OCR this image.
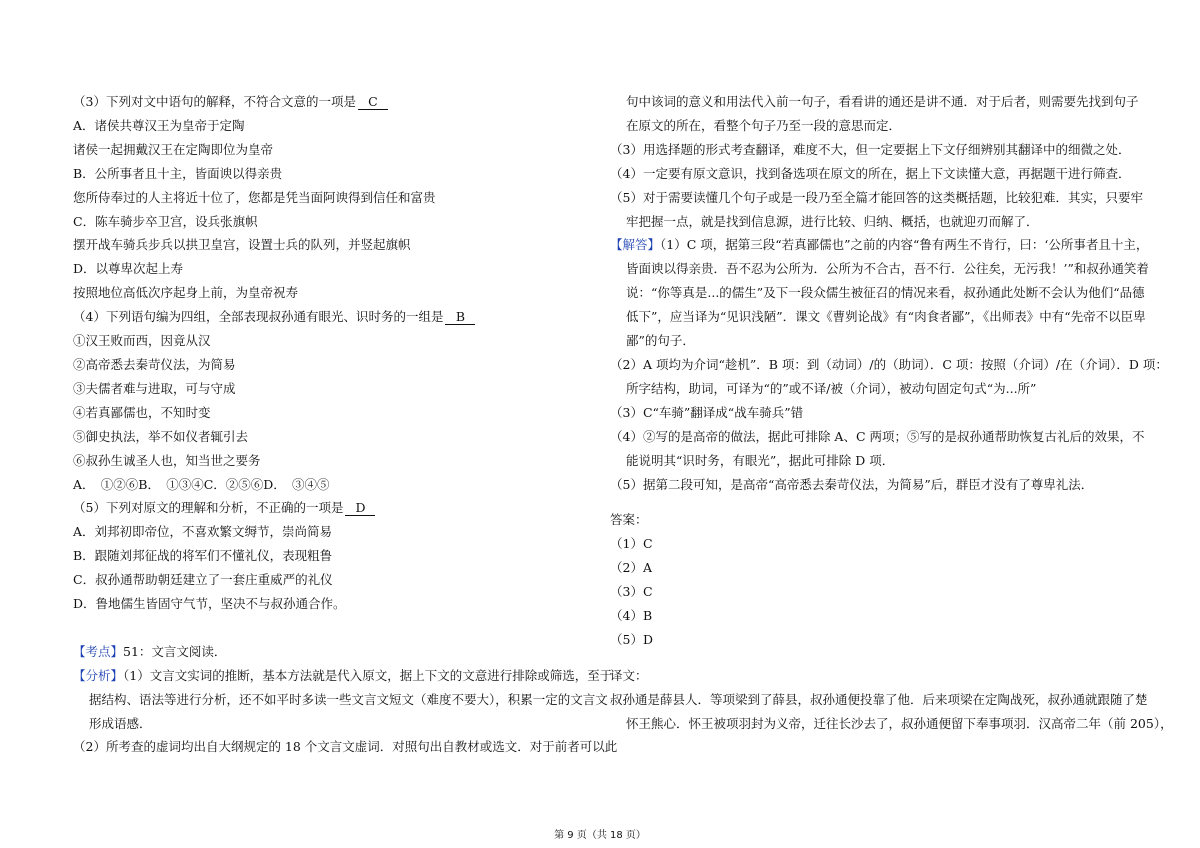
（3）下列对文中语句的解释，不符合文意的一项是 C
A．诸侯共尊汉王为皇帝于定陶
诸侯一起拥戴汉王在定陶即位为皇帝
B．公所事者且十主，皆面谀以得亲贵
您所侍奉过的人主将近十位了，您都是凭当面阿谀得到信任和富贵
C．陈车骑步卒卫宫，设兵张旗帜
摆开战车骑兵步兵以拱卫皇宫，设置士兵的队列，并竖起旗帜
D．以尊卑次起上寿
按照地位高低次序起身上前，为皇帝祝寿
（4）下列语句编为四组，全部表现叔孙通有眼光、识时务的一组是 B
①汉王败而西，因竟从汉
②高帝悉去秦苛仪法，为简易
③夫儒者难与进取，可与守成
④若真鄙儒也，不知时变
⑤御史执法，举不如仪者辄引去
⑥叔孙生诚圣人也，知当世之要务
A．　①②⑥B．　①③④C．②⑤⑥D．　③④⑤
（5）下列对原文的理解和分析，不正确的一项是 D
A．刘邦初即帝位，不喜欢繁文缛节，崇尚简易
B．跟随刘邦征战的将军们不懂礼仪，表现粗鲁
C．叔孙通帮助朝廷建立了一套庄重威严的礼仪
D．鲁地儒生皆固守气节，坚决不与叔孙通合作。
【考点】51：文言文阅读．
【分析】（1）文言文实词的推断，基本方法就是代入原文，据上下文的文意进行排除或筛选，至于
据结构、语法等进行分析，还不如平时多读一些文言文短文（难度不要大），积累一定的文言文
形成语感．
（2）所考查的虚词均出自大纲规定的 18 个文言文虚词．对照句出自教材或选文．对于前者可以此
句中该词的意义和用法代入前一句子，看看讲的通还是讲不通．对于后者，则需要先找到句子
在原文的所在，看整个句子乃至一段的意思而定．
（3）用选择题的形式考查翻译，难度不大，但一定要据上下文仔细辨别其翻译中的细微之处．
（4）一定要有原文意识，找到备选项在原文的所在，据上下文读懂大意，再据题干进行筛查．
（5）对于需要读懂几个句子或是一段乃至全篇才能回答的这类概括题，比较犯难．其实，只要牢
牢把握一点，就是找到信息源，进行比较、归纳、概括，也就迎刃而解了．
【解答】（1）C 项，据第三段“若真鄙儒也”之前的内容“鲁有两生不肯行，曰：‘公所事者且十主，
皆面谀以得亲贵．吾不忍为公所为．公所为不合古，吾不行．公往矣，无污我！’”和叔孙通笑着
说：“你等真是...的儒生”及下一段众儒生被征召的情况来看，叔孙通此处断不会认为他们“品德
低下”，应当译为“见识浅陋”．课文《曹刿论战》有“肉食者鄙”，《出师表》中有“先帝不以臣卑
鄙”的句子．
（2）A 项均为介词“趁机”．B 项：到（动词）/的（助词）．C 项：按照（介词）/在（介词）．D 项：
所字结构，助词，可译为“的”或不译/被（介词），被动句固定句式“为...所”
（3）C“车骑”翻译成“战车骑兵”错
（4）②写的是高帝的做法，据此可排除 A、C 两项；⑤写的是叔孙通帮助恢复古礼后的效果，不
能说明其“识时务，有眼光”，据此可排除 D 项．
（5）据第二段可知，是高帝“高帝悉去秦苛仪法，为简易”后，群臣才没有了尊卑礼法．
答案：
（1）C
（2）A
（3）C
（4）B
（5）D
译文：
叔孙通是薛县人．等项梁到了薛县，叔孙通便投靠了他．后来项梁在定陶战死，叔孙通就跟随了楚
怀王熊心．怀王被项羽封为义帝，迁往长沙去了，叔孙通便留下奉事项羽．汉高帝二年（前 205），
第 9 页（共 18 页）
